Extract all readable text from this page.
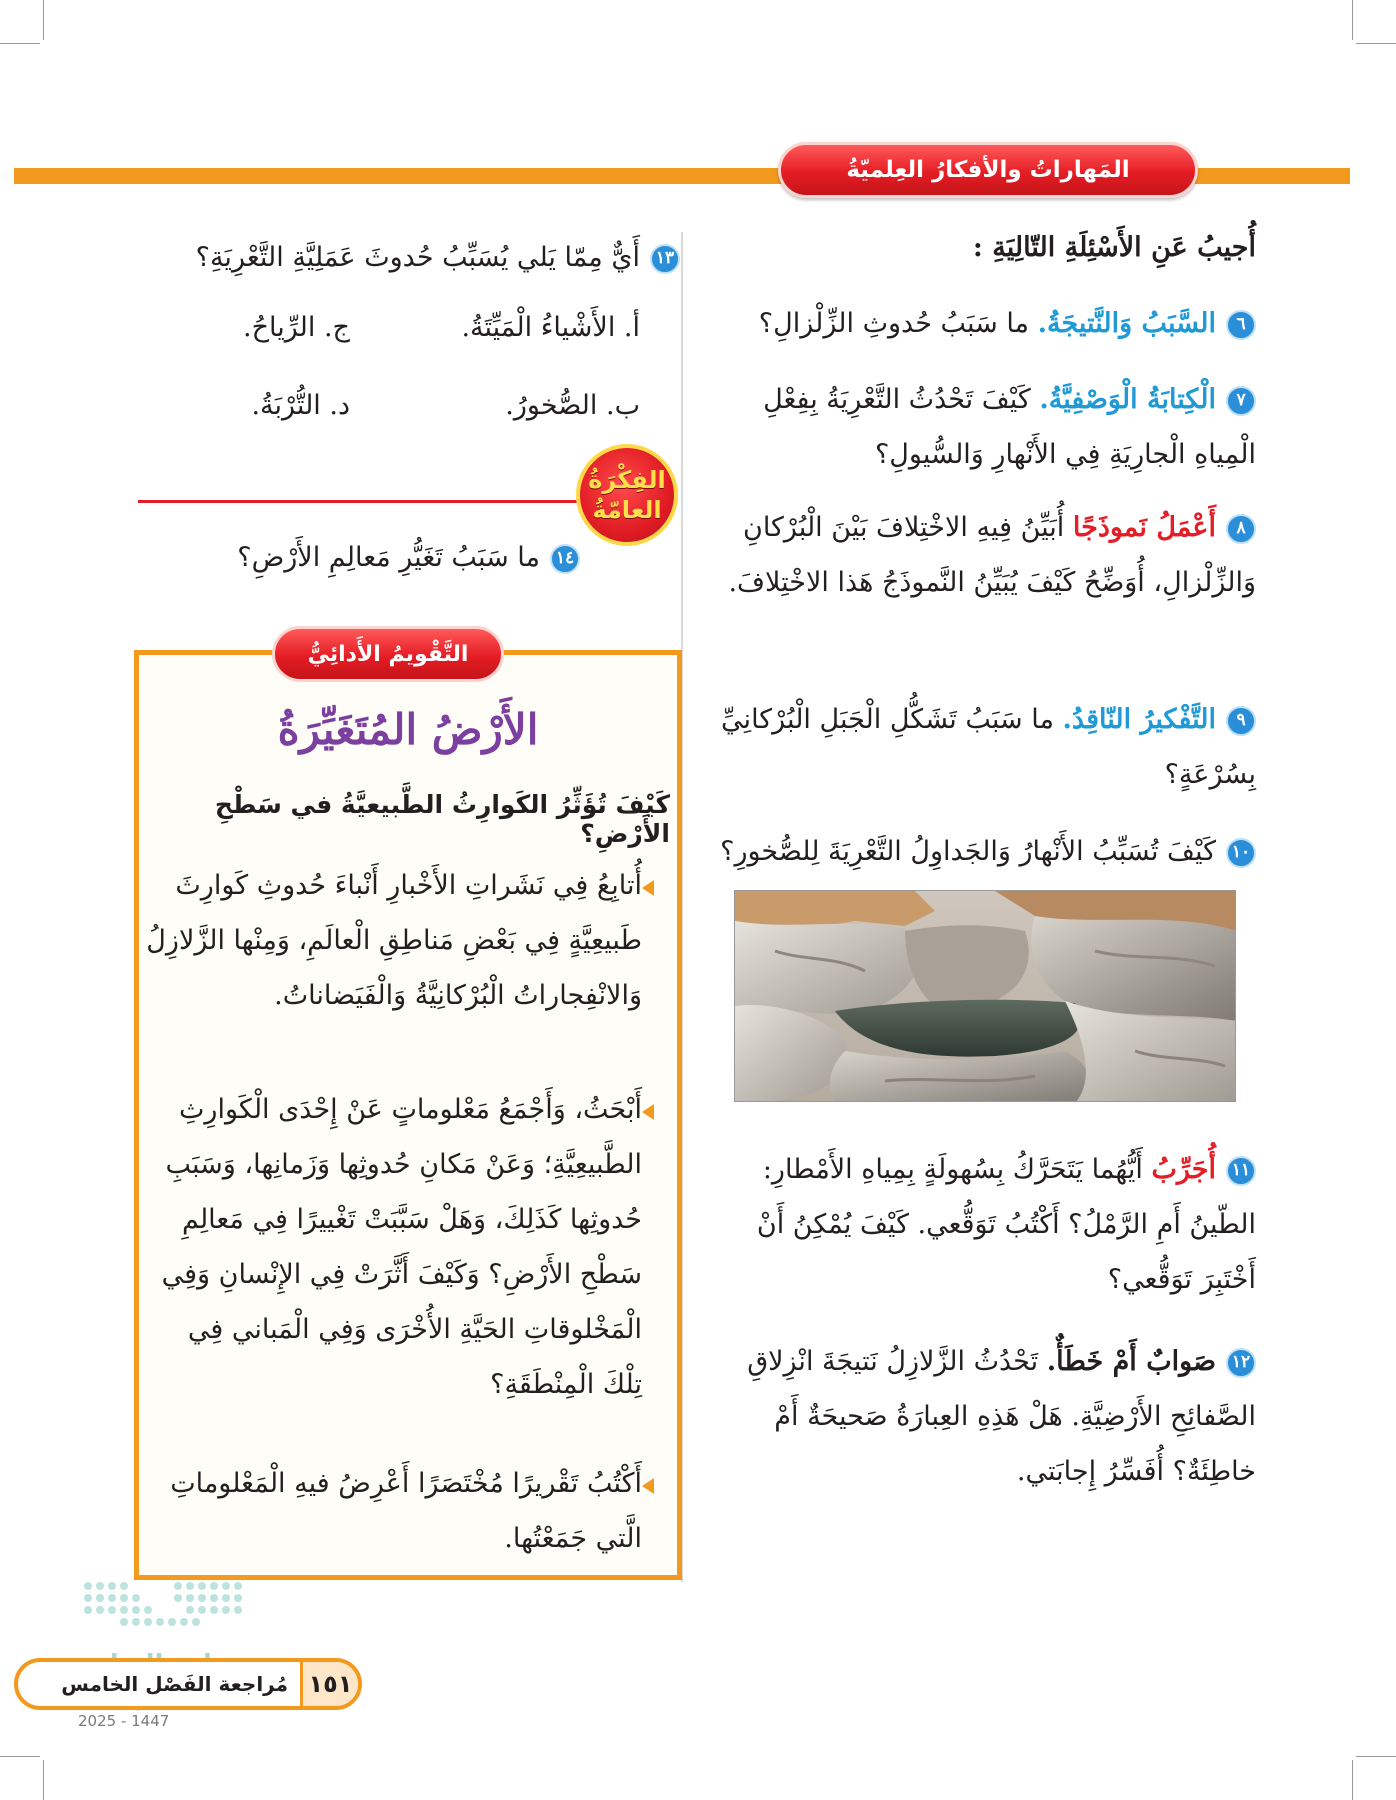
المَهاراتُ والأفكارُ العِلميّةُ
أُجيبُ عَنِ الأَسْئِلَةِ التّالِيَةِ :
٦السَّبَبُ وَالنَّتيجَةُ. ما سَبَبُ حُدوثِ الزِّلْزالِ؟
٧الْكِتابَةُ الْوَصْفِيَّةُ. كَيْفَ تَحْدُثُ التَّعْرِيَةُ بِفِعْلِ الْمِياهِ الْجارِيَةِ فِي الأَنْهارِ وَالسُّيولِ؟
٨أَعْمَلُ نَموذَجًا أُبَيِّنُ فِيهِ الاخْتِلافَ بَيْنَ الْبُرْكانِ وَالزِّلْزالِ، أُوَضِّحُ كَيْفَ يُبَيِّنُ النَّموذَجُ هَذا الاخْتِلافَ.
٩التَّفْكيرُ النّاقِدُ. ما سَبَبُ تَشَكُّلِ الْجَبَلِ الْبُرْكانِيِّ بِسُرْعَةٍ؟
١٠كَيْفَ تُسَبِّبُ الأَنْهارُ وَالجَداوِلُ التَّعْرِيَةَ لِلصُّخورِ؟
١١أُجَرِّبُ أَيُّهُما يَتَحَرَّكُ بِسُهولَةٍ بِمِياهِ الأَمْطارِ: الطّينُ أَمِ الرَّمْلُ؟ أَكْتُبُ تَوَقُّعي. كَيْفَ يُمْكِنُ أَنْ أَخْتَبِرَ تَوَقُّعي؟
١٢صَوابٌ أَمْ خَطَأٌ. تَحْدُثُ الزَّلازِلُ نَتيجَةَ انْزِلاقِ الصَّفائِحِ الأَرْضِيَّةِ. هَلْ هَذِهِ العِبارَةُ صَحيحَةٌ أَمْ خاطِئَةٌ؟ أُفَسِّرُ إِجابَتي.
١٣أَيٌّ مِمّا يَلي يُسَبِّبُ حُدوثَ عَمَلِيَّةِ التَّعْرِيَةِ؟
أ. الأَشْياءُ الْمَيِّتَةُ.
ج. الرِّياحُ.
ب. الصُّخورُ.
د. التُّرْبَةُ.
الفِكْرَةُ
العامّةُ
١٤ما سَبَبُ تَغَيُّرِ مَعالِمِ الأَرْضِ؟
التَّقْويمُ الأَدائِيُّ
الأَرْضُ المُتَغَيِّرَةُ
كَيْفَ تُؤَثِّرُ الكَوارِثُ الطَّبيعيَّةُ في سَطْحِ الأَرْضِ؟
أُتابِعُ فِي نَشَراتِ الأَخْبارِ أَنْباءَ حُدوثِ كَوارِثَ طَبيعِيَّةٍ فِي بَعْضِ مَناطِقِ الْعالَمِ، وَمِنْها الزَّلازِلُ وَالانْفِجاراتُ الْبُرْكانِيَّةُ وَالْفَيَضاناتُ.
أَبْحَثُ، وَأَجْمَعُ مَعْلوماتٍ عَنْ إِحْدَى الْكَوارِثِ الطَّبيعِيَّةِ؛ وَعَنْ مَكانِ حُدوثِها وَزَمانِها، وَسَبَبِ حُدوثِها كَذَلِكَ، وَهَلْ سَبَّبَتْ تَغْييرًا فِي مَعالِمِ سَطْحِ الأَرْضِ؟ وَكَيْفَ أَثَّرَتْ فِي الإِنْسانِ وَفِي الْمَخْلوقاتِ الحَيَّةِ الأُخْرَى وَفِي الْمَباني فِي تِلْكَ الْمِنْطَقَةِ؟
أَكْتُبُ تَقْريرًا مُخْتَصَرًا أَعْرِضُ فيهِ الْمَعْلوماتِ الَّتي جَمَعْتُها.
2025 - 1447
١٥١
مُراجعة الفَصْل الخامس
